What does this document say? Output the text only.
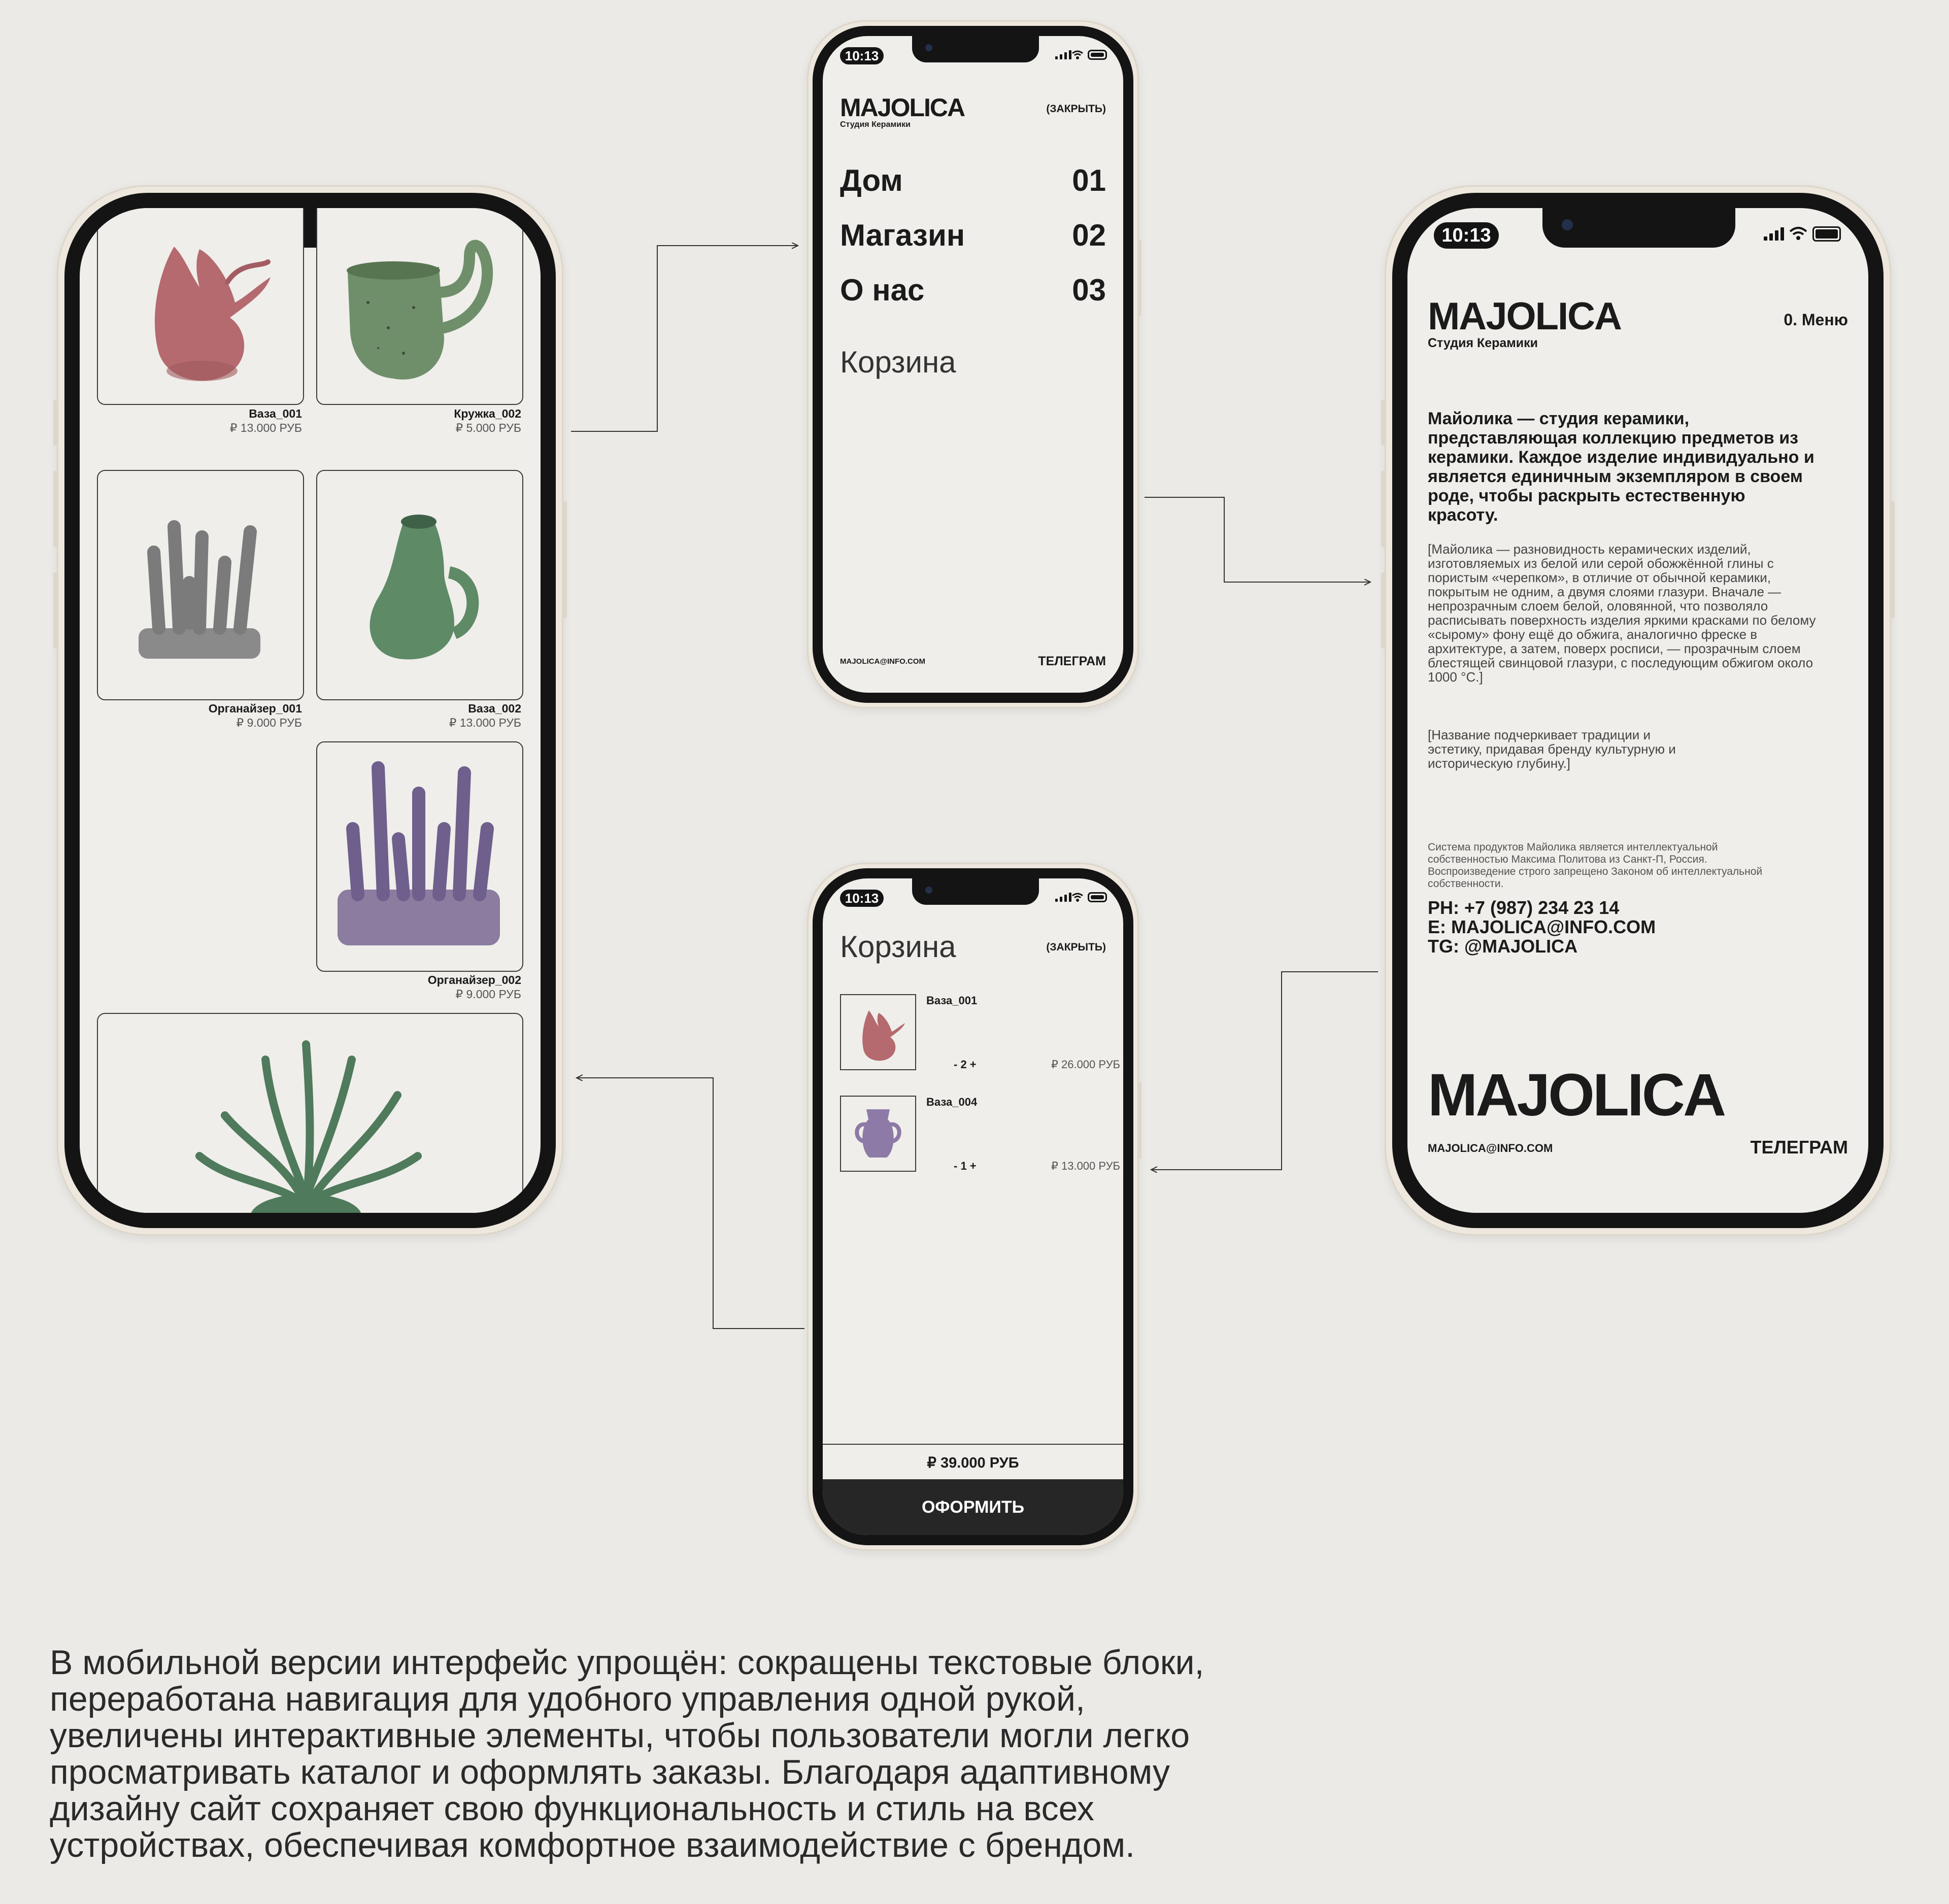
Ваза_001
₽ 13.000 РУБ
Кружка_002
₽ 5.000 РУБ
Органайзер_001
₽ 9.000 РУБ
Ваза_002
₽ 13.000 РУБ
Органайзер_002
₽ 9.000 РУБ
10:13
MAJOLICA
Студия Керамики
(ЗАКРЫТЬ)
Дом	01
Магазин	02
О нас	03
Корзина
MAJOLICA@INFO.COM	ТЕЛЕГРАМ
10:13
Корзина	(ЗАКРЫТЬ)
Ваза_001
- 2 +	₽ 26.000 РУБ
Ваза_004
- 1 +	₽ 13.000 РУБ
₽ 39.000 РУБ
ОФОРМИТЬ
10:13
MAJOLICA
Студия Керамики
0. Меню

Майолика — студия керамики, представляющая коллекцию предметов из керамики. Каждое изделие индивидуально и является единичным экземпляром в своем роде, чтобы раскрыть естественную красоту.

[Майолика — разновидность керамических изделий, изготовляемых из белой или серой обожжённой глины с пористым «черепком», в отличие от обычной керамики, покрытым не одним, а двумя слоями глазури. Вначале — непрозрачным слоем белой, оловянной, что позволяло расписывать поверхность изделия яркими красками по белому «сырому» фону ещё до обжига, аналогично фреске в архитектуре, а затем, поверх росписи, — прозрачным слоем блестящей свинцовой глазури, с последующим обжигом около 1000 °С.]

[Название подчеркивает традиции и эстетику, придавая бренду культурную и историческую глубину.]

Система продуктов Майолика является интеллектуальной собственностью Максима Политова из Санкт-П, Россия. Воспроизведение строго запрещено Законом об интеллектуальной собственности.

PH: +7 (987) 234 23 14
E: MAJOLICA@INFO.COM
TG: @MAJOLICA
MAJOLICA
MAJOLICA@INFO.COM	ТЕЛЕГРАМ

В мобильной версии интерфейс упрощён: сокращены текстовые блоки,
переработана навигация для удобного управления одной рукой,
увеличены интерактивные элементы, чтобы пользователи могли легко
просматривать каталог и оформлять заказы. Благодаря адаптивному
дизайну сайт сохраняет свою функциональность и стиль на всех
устройствах, обеспечивая комфортное взаимодействие с брендом.
